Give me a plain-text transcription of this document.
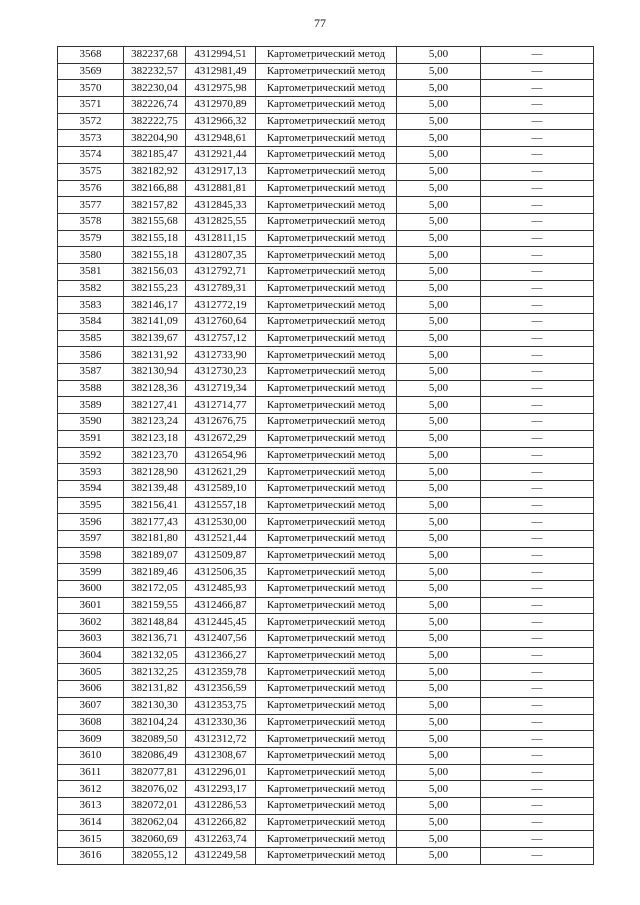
77
3568	382237,68	4312994,51	Картометрический метод	5,00	—
3569	382232,57	4312981,49	Картометрический метод	5,00	—
3570	382230,04	4312975,98	Картометрический метод	5,00	—
3571	382226,74	4312970,89	Картометрический метод	5,00	—
3572	382222,75	4312966,32	Картометрический метод	5,00	—
3573	382204,90	4312948,61	Картометрический метод	5,00	—
3574	382185,47	4312921,44	Картометрический метод	5,00	—
3575	382182,92	4312917,13	Картометрический метод	5,00	—
3576	382166,88	4312881,81	Картометрический метод	5,00	—
3577	382157,82	4312845,33	Картометрический метод	5,00	—
3578	382155,68	4312825,55	Картометрический метод	5,00	—
3579	382155,18	4312811,15	Картометрический метод	5,00	—
3580	382155,18	4312807,35	Картометрический метод	5,00	—
3581	382156,03	4312792,71	Картометрический метод	5,00	—
3582	382155,23	4312789,31	Картометрический метод	5,00	—
3583	382146,17	4312772,19	Картометрический метод	5,00	—
3584	382141,09	4312760,64	Картометрический метод	5,00	—
3585	382139,67	4312757,12	Картометрический метод	5,00	—
3586	382131,92	4312733,90	Картометрический метод	5,00	—
3587	382130,94	4312730,23	Картометрический метод	5,00	—
3588	382128,36	4312719,34	Картометрический метод	5,00	—
3589	382127,41	4312714,77	Картометрический метод	5,00	—
3590	382123,24	4312676,75	Картометрический метод	5,00	—
3591	382123,18	4312672,29	Картометрический метод	5,00	—
3592	382123,70	4312654,96	Картометрический метод	5,00	—
3593	382128,90	4312621,29	Картометрический метод	5,00	—
3594	382139,48	4312589,10	Картометрический метод	5,00	—
3595	382156,41	4312557,18	Картометрический метод	5,00	—
3596	382177,43	4312530,00	Картометрический метод	5,00	—
3597	382181,80	4312521,44	Картометрический метод	5,00	—
3598	382189,07	4312509,87	Картометрический метод	5,00	—
3599	382189,46	4312506,35	Картометрический метод	5,00	—
3600	382172,05	4312485,93	Картометрический метод	5,00	—
3601	382159,55	4312466,87	Картометрический метод	5,00	—
3602	382148,84	4312445,45	Картометрический метод	5,00	—
3603	382136,71	4312407,56	Картометрический метод	5,00	—
3604	382132,05	4312366,27	Картометрический метод	5,00	—
3605	382132,25	4312359,78	Картометрический метод	5,00	—
3606	382131,82	4312356,59	Картометрический метод	5,00	—
3607	382130,30	4312353,75	Картометрический метод	5,00	—
3608	382104,24	4312330,36	Картометрический метод	5,00	—
3609	382089,50	4312312,72	Картометрический метод	5,00	—
3610	382086,49	4312308,67	Картометрический метод	5,00	—
3611	382077,81	4312296,01	Картометрический метод	5,00	—
3612	382076,02	4312293,17	Картометрический метод	5,00	—
3613	382072,01	4312286,53	Картометрический метод	5,00	—
3614	382062,04	4312266,82	Картометрический метод	5,00	—
3615	382060,69	4312263,74	Картометрический метод	5,00	—
3616	382055,12	4312249,58	Картометрический метод	5,00	—
